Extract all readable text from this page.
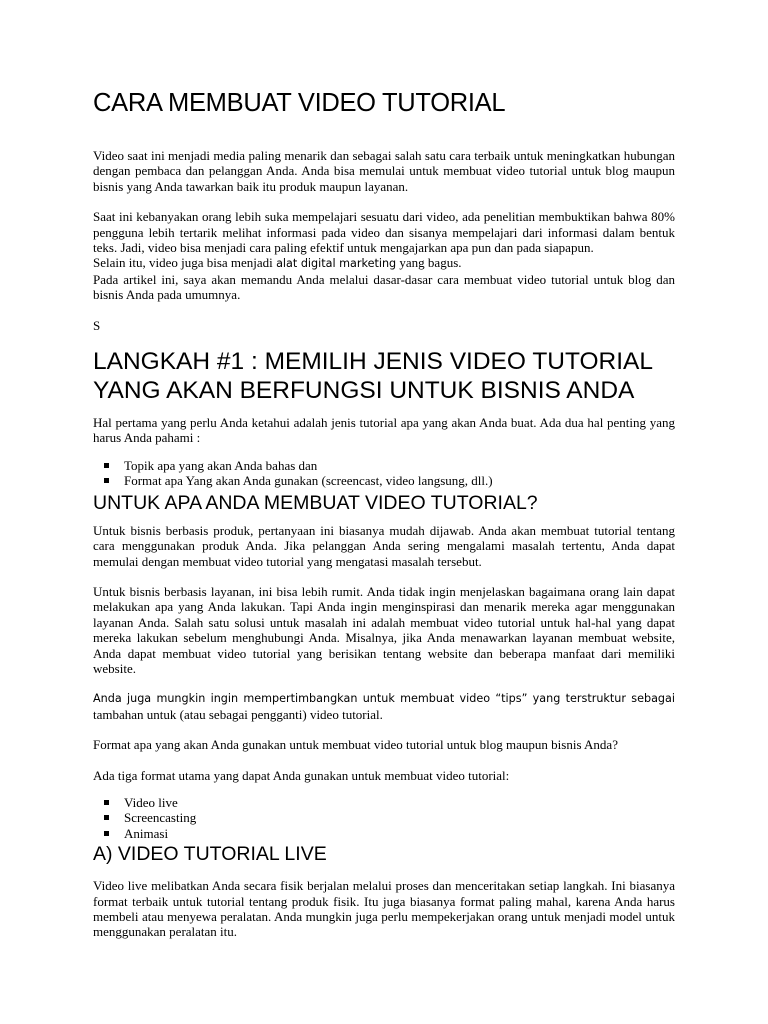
CARA MEMBUAT VIDEO TUTORIAL

Video saat ini menjadi media paling menarik dan sebagai salah satu cara terbaik untuk meningkatkan hubungan dengan pembaca dan pelanggan Anda. Anda bisa memulai untuk membuat video tutorial untuk blog maupun bisnis yang Anda tawarkan baik itu produk maupun layanan.

Saat ini kebanyakan orang lebih suka mempelajari sesuatu dari video, ada penelitian membuktikan bahwa 80% pengguna lebih tertarik melihat informasi pada video dan sisanya mempelajari dari informasi dalam bentuk teks. Jadi, video bisa menjadi cara paling efektif untuk mengajarkan apa pun dan pada siapapun.

Selain itu, video juga bisa menjadi alat digital marketing yang bagus.

Pada artikel ini, saya akan memandu Anda melalui dasar-dasar cara membuat video tutorial untuk blog dan bisnis Anda pada umumnya.

S

LANGKAH #1 : MEMILIH JENIS VIDEO TUTORIAL YANG AKAN BERFUNGSI UNTUK BISNIS ANDA

Hal pertama yang perlu Anda ketahui adalah jenis tutorial apa yang akan Anda buat. Ada dua hal penting yang harus Anda pahami :

Topik apa yang akan Anda bahas dan
Format apa Yang akan Anda gunakan (screencast, video langsung, dll.)
UNTUK APA ANDA MEMBUAT VIDEO TUTORIAL?

Untuk bisnis berbasis produk, pertanyaan ini biasanya mudah dijawab. Anda akan membuat tutorial tentang cara menggunakan produk Anda. Jika pelanggan Anda sering mengalami masalah tertentu, Anda dapat memulai dengan membuat video tutorial yang mengatasi masalah tersebut.

Untuk bisnis berbasis layanan, ini bisa lebih rumit. Anda tidak ingin menjelaskan bagaimana orang lain dapat melakukan apa yang Anda lakukan. Tapi Anda ingin menginspirasi dan menarik mereka agar menggunakan layanan Anda. Salah satu solusi untuk masalah ini adalah membuat video tutorial untuk hal-hal yang dapat mereka lakukan sebelum menghubungi Anda. Misalnya, jika Anda menawarkan layanan membuat website, Anda dapat membuat video tutorial yang berisikan tentang website dan beberapa manfaat dari memiliki website.

Anda juga mungkin ingin mempertimbangkan untuk membuat video “tips” yang terstruktur sebagai

tambahan untuk (atau sebagai pengganti) video tutorial.

Format apa yang akan Anda gunakan untuk membuat video tutorial untuk blog maupun bisnis Anda?

Ada tiga format utama yang dapat Anda gunakan untuk membuat video tutorial:

Video live
Screencasting
Animasi
A) VIDEO TUTORIAL LIVE

Video live melibatkan Anda secara fisik berjalan melalui proses dan menceritakan setiap langkah. Ini biasanya format terbaik untuk tutorial tentang produk fisik. Itu juga biasanya format paling mahal, karena Anda harus membeli atau menyewa peralatan. Anda mungkin juga perlu mempekerjakan orang untuk menjadi model untuk menggunakan peralatan itu.
